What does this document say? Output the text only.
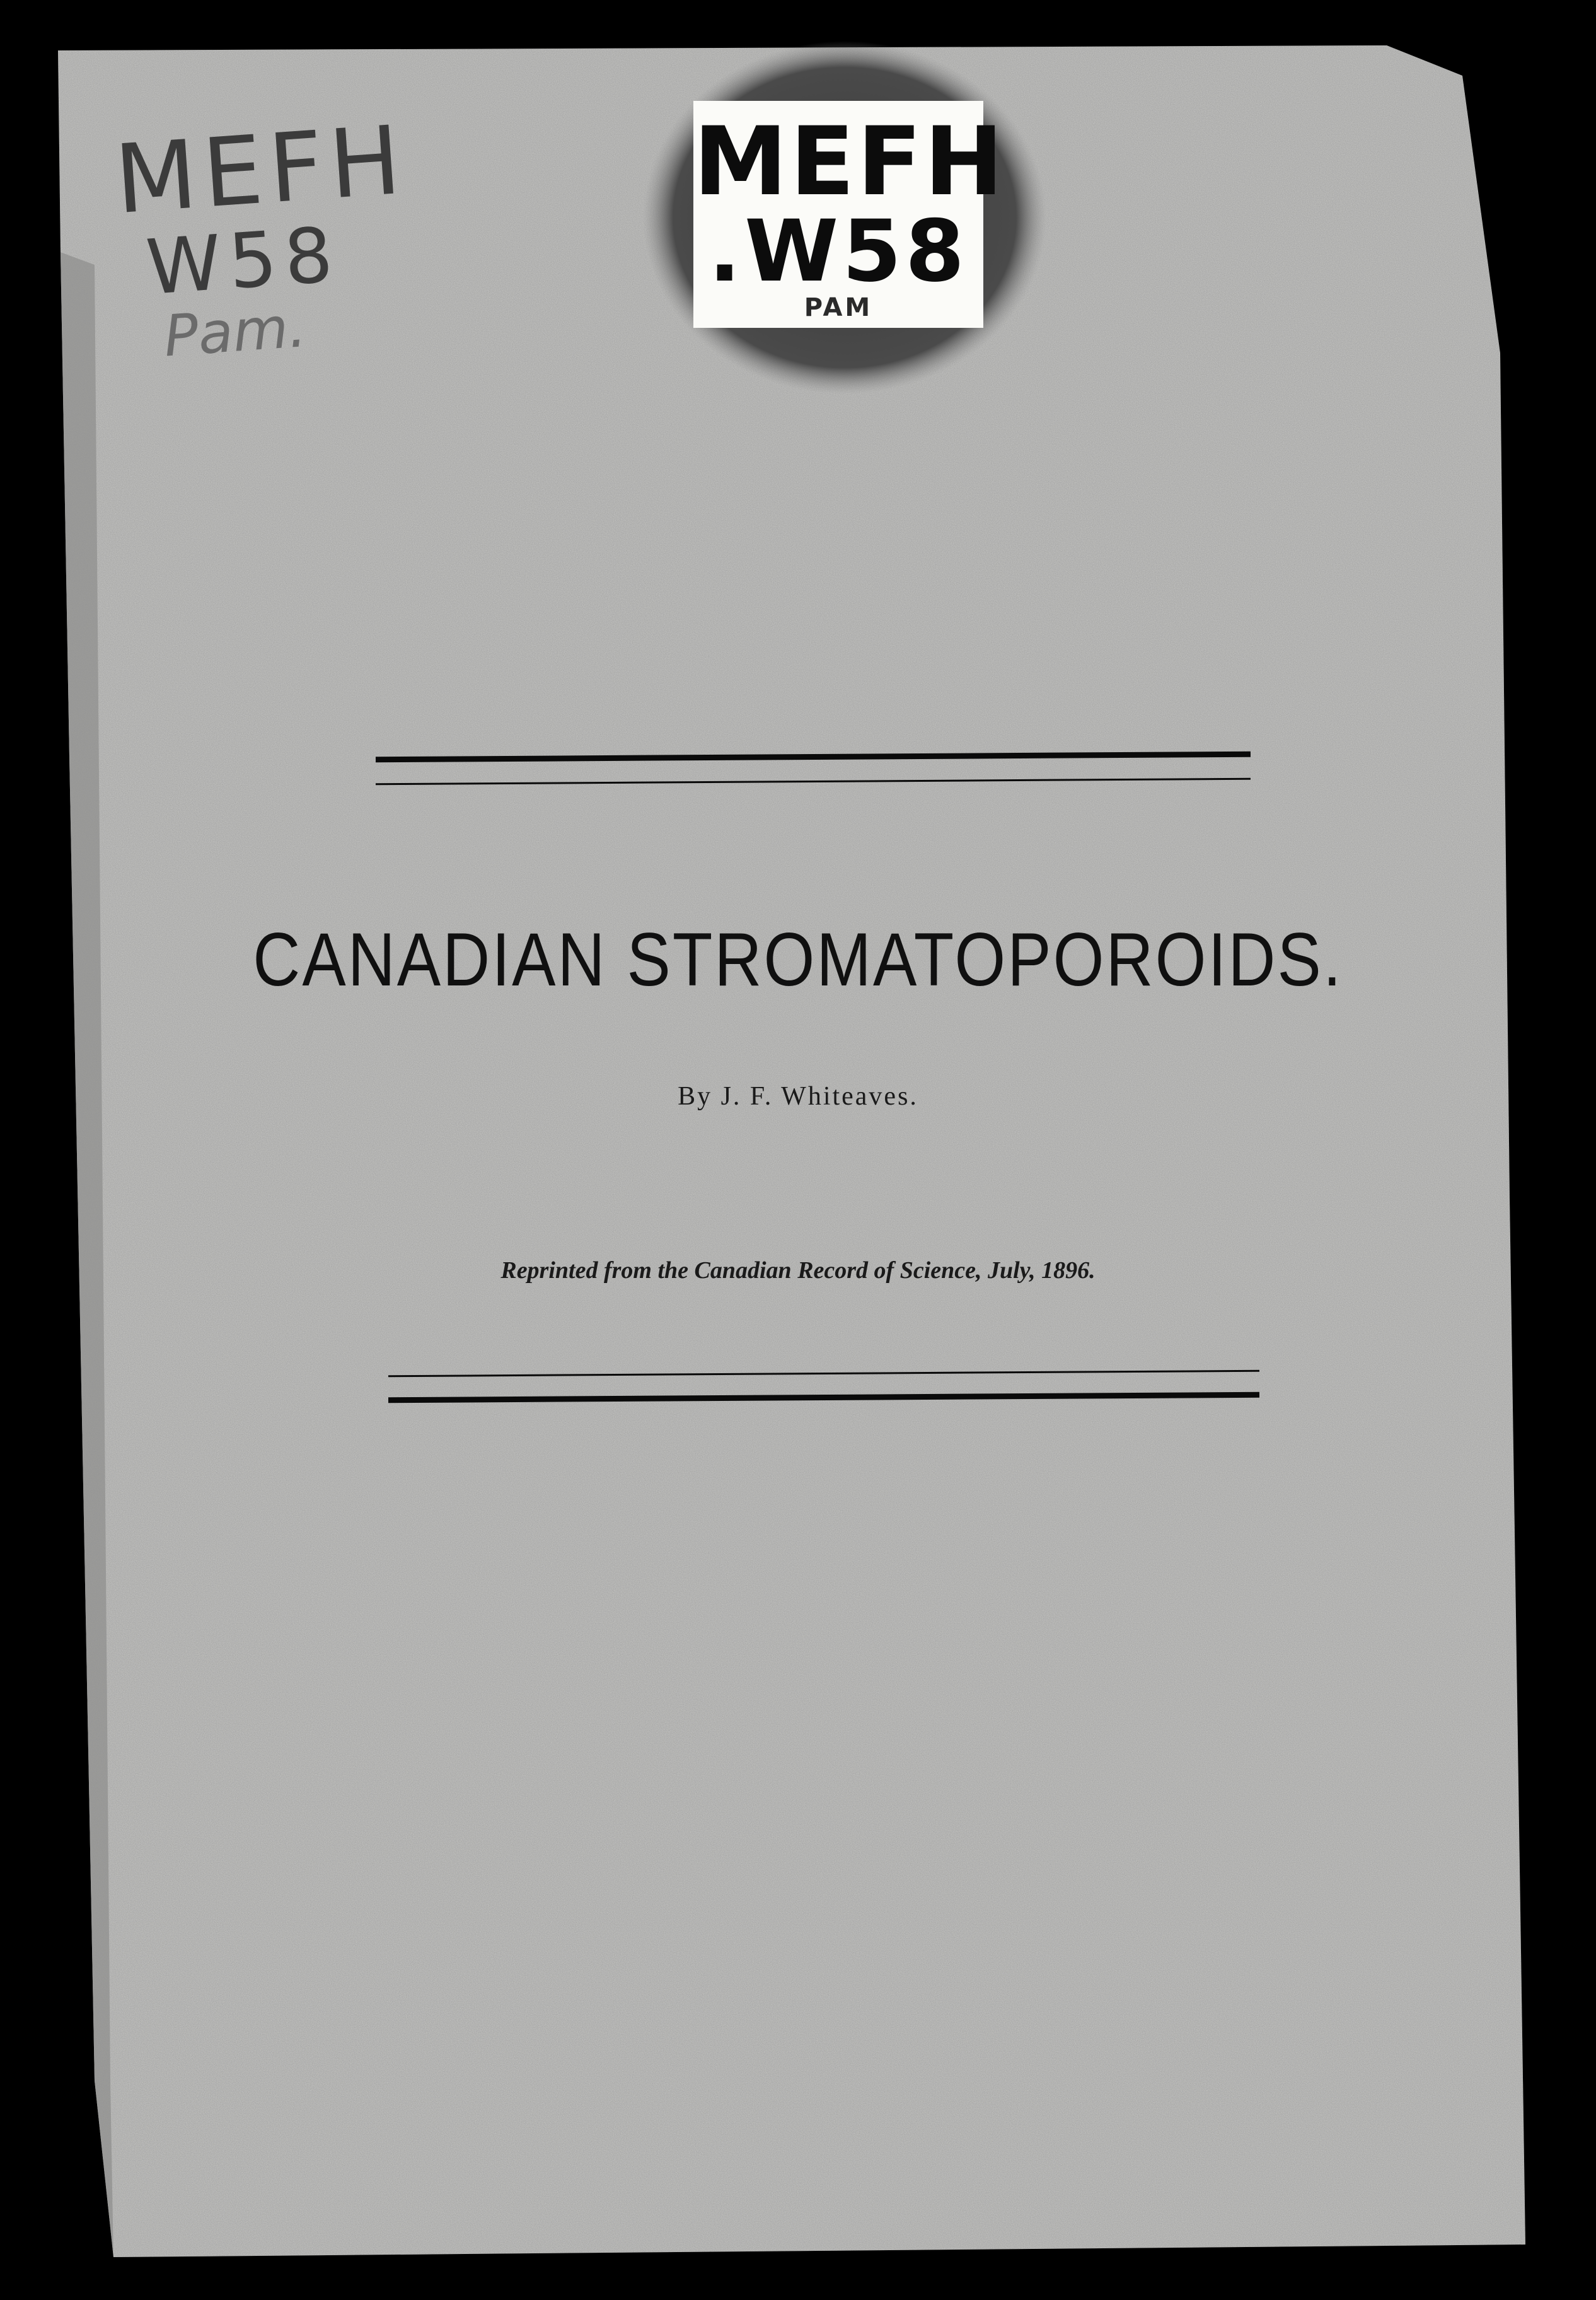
MEFH
W58
Pam.
MEFH
.W58
PAM
CANADIAN STROMATOPOROIDS.
By J. F. Whiteaves.
Reprinted from the Canadian Record of Science, July, 1896.
